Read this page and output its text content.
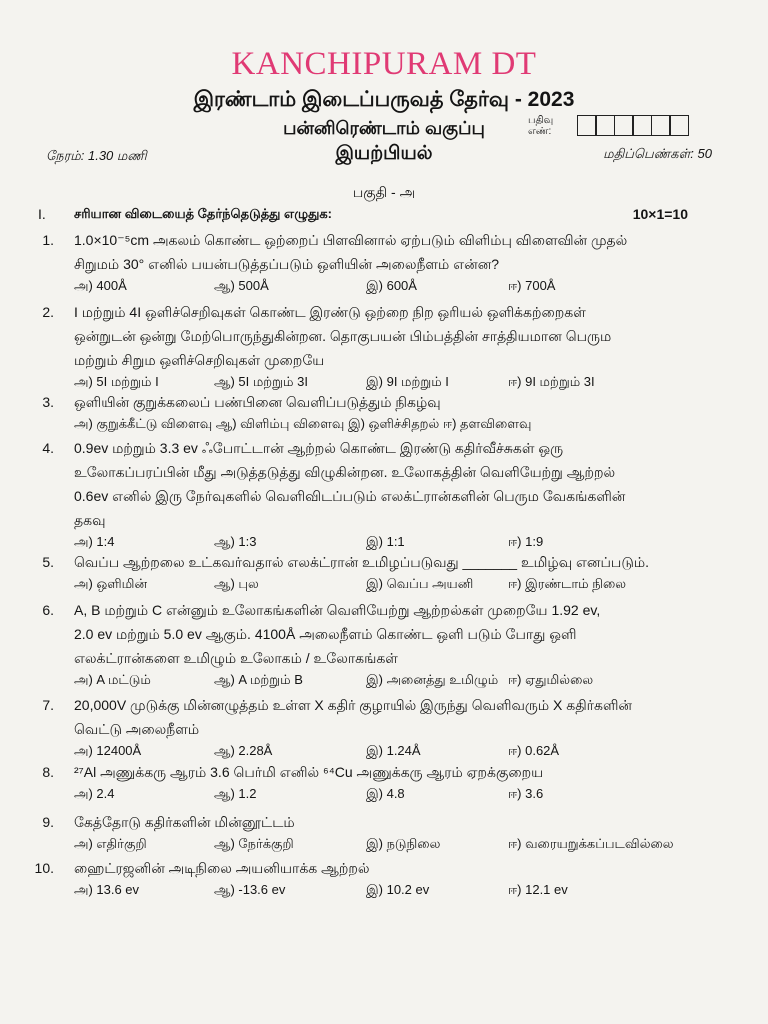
KANCHIPURAM DT
இரண்டாம் இடைப்பருவத் தேர்வு - 2023
பன்னிரெண்டாம் வகுப்பு
இயற்பியல்
நேரம்: 1.30 மணி	மதிப்பெண்கள்: 50
பதிவு
எண்:
பகுதி - அ
I. சரியான விடையைத் தேர்ந்தெடுத்து எழுதுக:	10×1=10
1. 1.0×10⁻⁵cm அகலம் கொண்ட ஒற்றைப் பிளவினால் ஏற்படும் விளிம்பு விளைவின் முதல்
சிறுமம் 30° எனில் பயன்படுத்தப்படும் ஒளியின் அலைநீளம் என்ன?
அ) 400Å	ஆ) 500Å	இ) 600Å	ஈ) 700Å
2. I மற்றும் 4I ஒளிச்செறிவுகள் கொண்ட இரண்டு ஒற்றை நிற ஒரியல் ஒளிக்கற்றைகள்
ஒன்றுடன் ஒன்று மேற்பொருந்துகின்றன. தொகுபயன் பிம்பத்தின் சாத்தியமான பெரும
மற்றும் சிறும ஒளிச்செறிவுகள் முறையே
அ) 5I மற்றும் I	ஆ) 5I மற்றும் 3I	இ) 9I மற்றும் I	ஈ) 9I மற்றும் 3I
3. ஒளியின் குறுக்கலைப் பண்பினை வெளிப்படுத்தும் நிகழ்வு
அ) குறுக்கீட்டு விளைவு ஆ) விளிம்பு விளைவு இ) ஒளிச்சிதறல் ஈ) தளவிளைவு
4. 0.9ev மற்றும் 3.3 ev ஃபோட்டான் ஆற்றல் கொண்ட இரண்டு கதிர்வீச்சுகள் ஒரு
உலோகப்பரப்பின் மீது அடுத்தடுத்து விழுகின்றன. உலோகத்தின் வெளியேற்று ஆற்றல்
0.6ev எனில் இரு நேர்வுகளில் வெளிவிடப்படும் எலக்ட்ரான்களின் பெரும வேகங்களின்
தகவு
அ) 1:4	ஆ) 1:3	இ) 1:1	ஈ) 1:9
5. வெப்ப ஆற்றலை உட்கவர்வதால் எலக்ட்ரான் உமிழப்படுவது _______ உமிழ்வு எனப்படும்.
அ) ஒளிமின்	ஆ) புல	இ) வெப்ப அயனி	ஈ) இரண்டாம் நிலை
6. A, B மற்றும் C என்னும் உலோகங்களின் வெளியேற்று ஆற்றல்கள் முறையே 1.92 ev,
2.0 ev மற்றும் 5.0 ev ஆகும். 4100Å அலைநீளம் கொண்ட ஒளி படும் போது ஒளி
எலக்ட்ரான்களை உமிழும் உலோகம் / உலோகங்கள்
அ) A மட்டும்	ஆ) A மற்றும் B	இ) அனைத்து உமிழும் ஈ) ஏதுமில்லை
7. 20,000V முடுக்கு மின்னழுத்தம் உள்ள X கதிர் குழாயில் இருந்து வெளிவரும் X கதிர்களின்
வெட்டு அலைநீளம்
அ) 12400Å	ஆ) 2.28Å	இ) 1.24Å	ஈ) 0.62Å
8. ²⁷Al அணுக்கரு ஆரம் 3.6 பெர்மி எனில் ⁶⁴Cu அணுக்கரு ஆரம் ஏறக்குறைய
அ) 2.4	ஆ) 1.2	இ) 4.8	ஈ) 3.6
9. கேத்தோடு கதிர்களின் மின்னூட்டம்
அ) எதிர்குறி	ஆ) நேர்க்குறி	இ) நடுநிலை	ஈ) வரையறுக்கப்படவில்லை
10. ஹைட்ரஜனின் அடிநிலை அயனியாக்க ஆற்றல்
அ) 13.6 ev	ஆ) -13.6 ev	இ) 10.2 ev	ஈ) 12.1 ev
